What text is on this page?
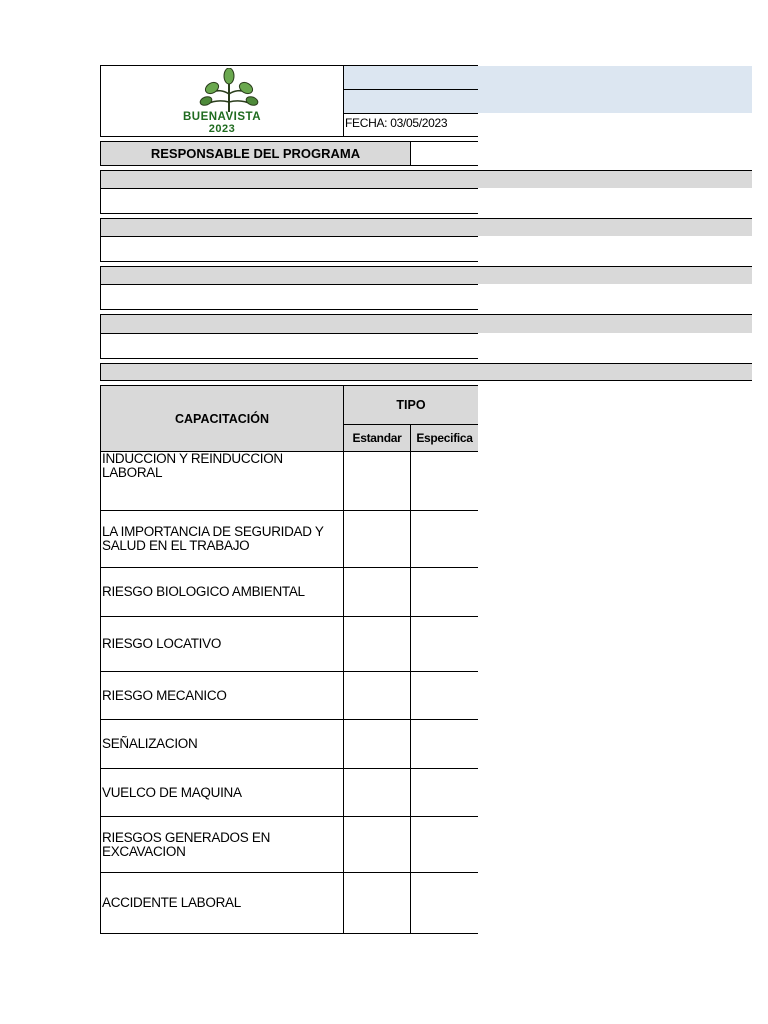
BUENAVISTA
2023	FECHA: 03/05/2023
RESPONSABLE DEL PROGRAMA
CAPACITACIÓN
TIPO
Estandar Especifica
INDUCCION Y REINDUCCION LABORAL
LA IMPORTANCIA DE SEGURIDAD Y SALUD EN EL TRABAJO
RIESGO BIOLOGICO AMBIENTAL
RIESGO LOCATIVO
RIESGO MECANICO
SEÑALIZACION
VUELCO DE MAQUINA
RIESGOS GENERADOS EN EXCAVACION
ACCIDENTE LABORAL
